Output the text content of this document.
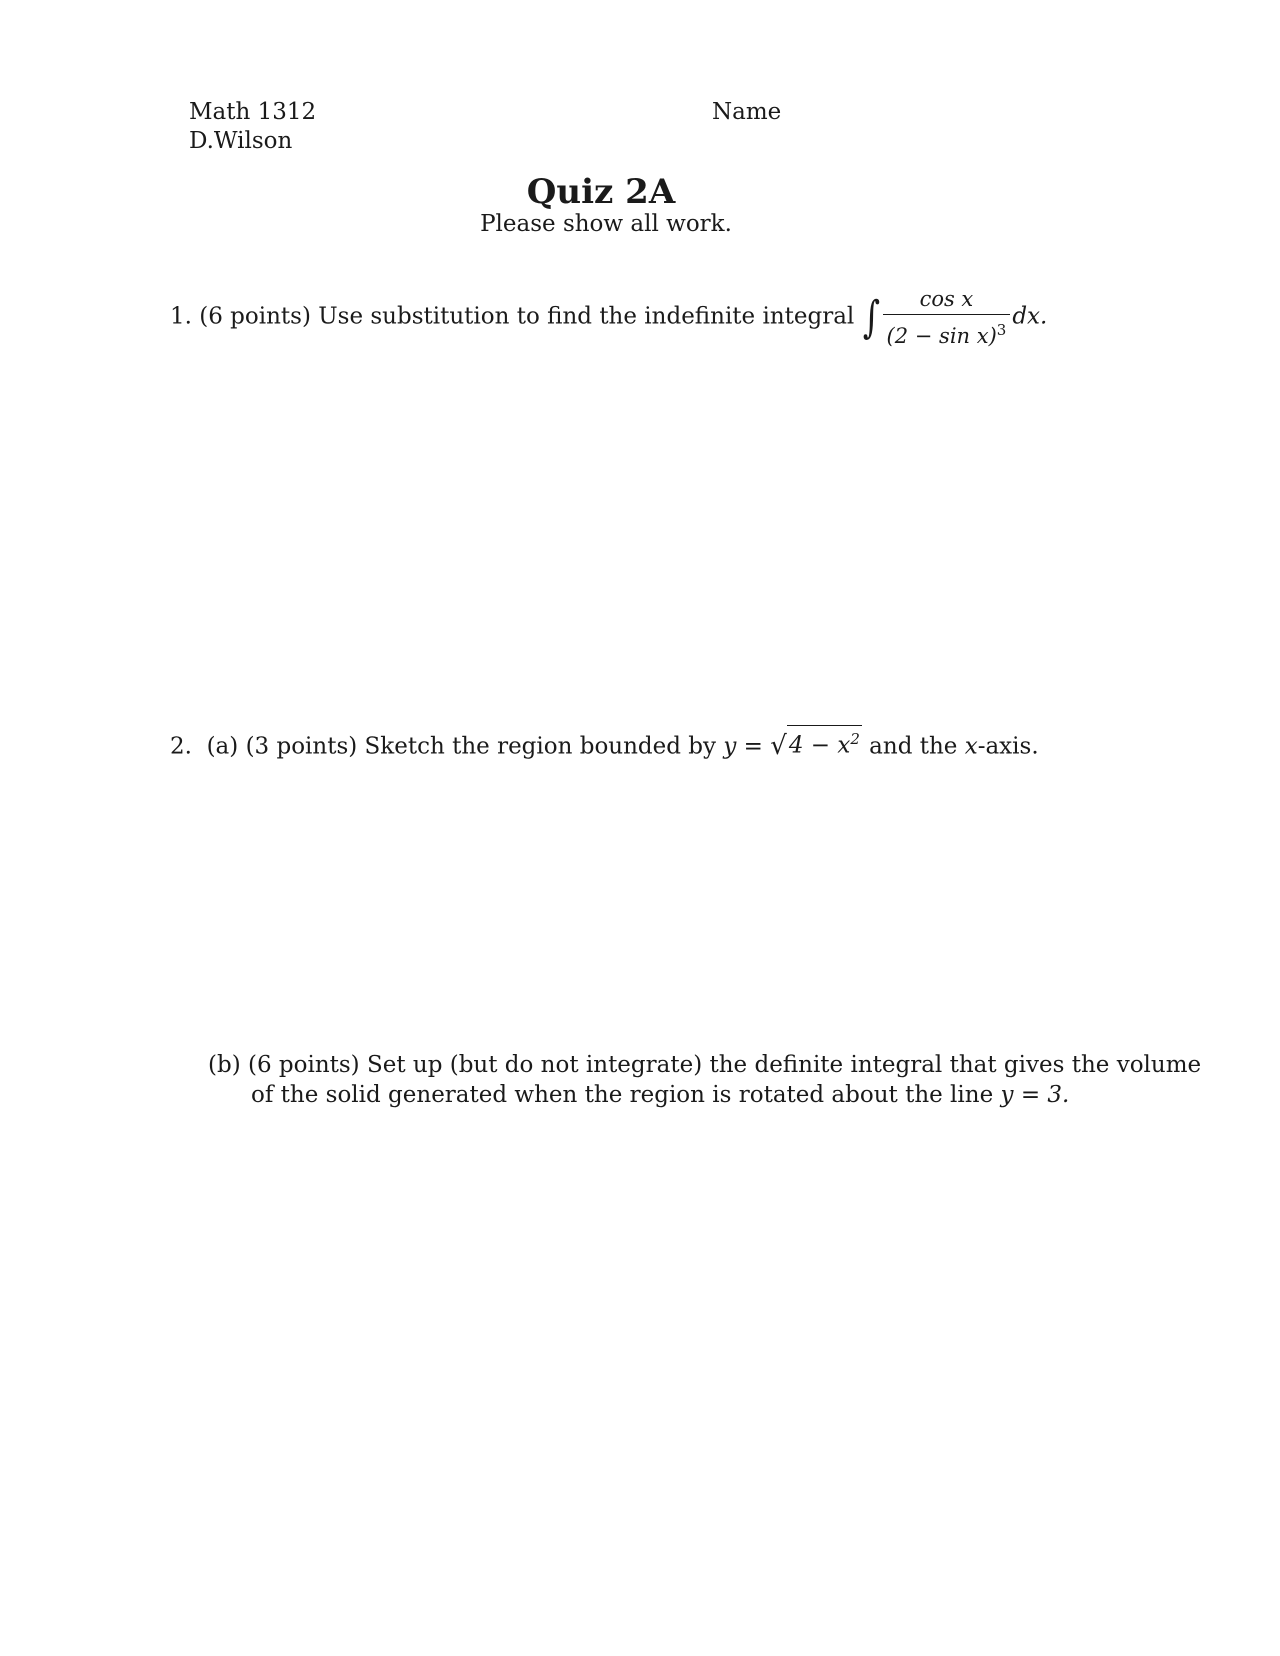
Math 1312
D.Wilson
Name
Quiz 2A
Please show all work.
1. (6 points) Use substitution to find the indefinite integral ∫ $\frac{\text{cos x}}{(2 - \sin x)^3}$ dx.
2. (a) (3 points) Sketch the region bounded by y = √ $4 - x^2$ and the x-axis.
(b) (6 points) Set up (but do not integrate) the definite integral that gives the volume
of the solid generated when the region is rotated about the line y = 3.
